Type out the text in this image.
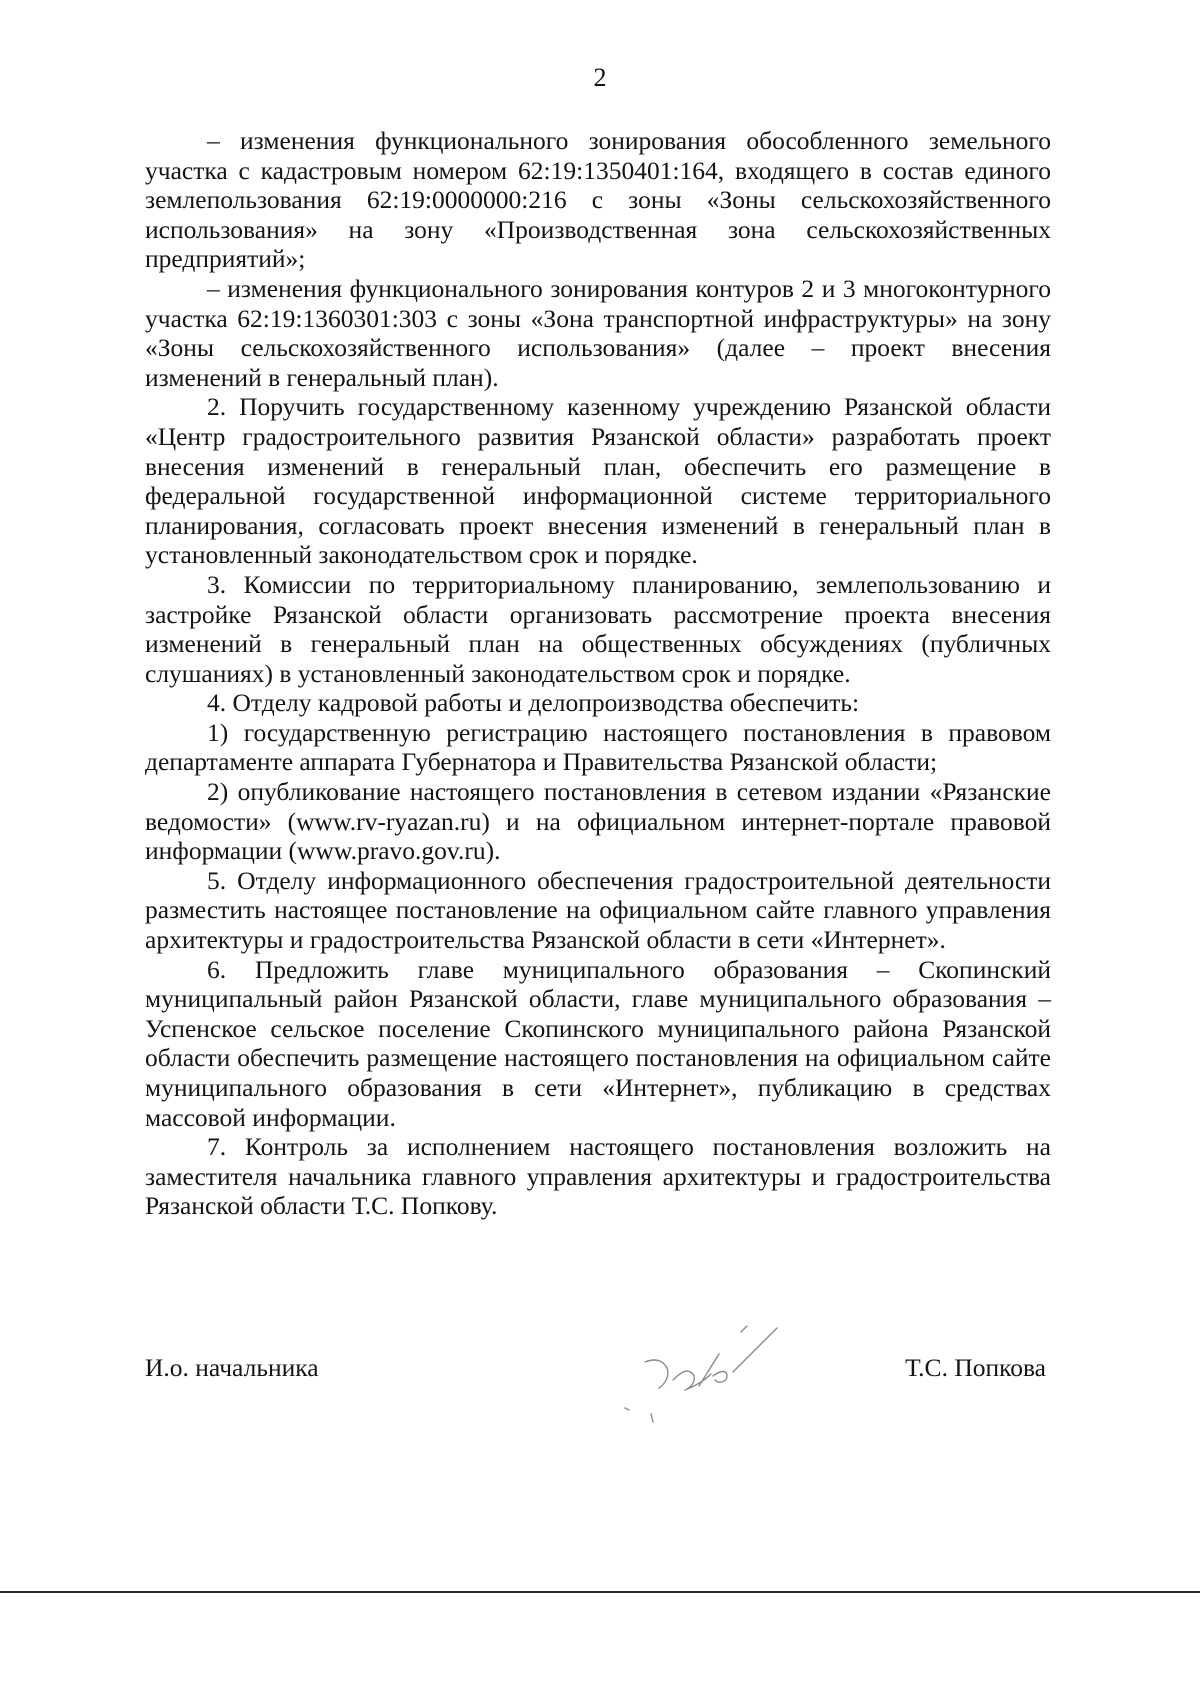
2

– изменения функционального зонирования обособленного земельного участка с кадастровым номером 62:19:1350401:164, входящего в состав единого землепользования 62:19:0000000:216 с зоны «Зоны сельскохозяйственного использования» на зону «Производственная зона сельскохозяйственных предприятий»;

– изменения функционального зонирования контуров 2 и 3 многоконтурного участка 62:19:1360301:303 с зоны «Зона транспортной инфраструктуры» на зону «Зоны сельскохозяйственного использования» (далее – проект внесения изменений в генеральный план).

2. Поручить государственному казенному учреждению Рязанской области «Центр градостроительного развития Рязанской области» разработать проект внесения изменений в генеральный план, обеспечить его размещение в федеральной государственной информационной системе территориального планирования, согласовать проект внесения изменений в генеральный план в установленный законодательством срок и порядке.

3. Комиссии по территориальному планированию, землепользованию и застройке Рязанской области организовать рассмотрение проекта внесения изменений в генеральный план на общественных обсуждениях (публичных слушаниях) в установленный законодательством срок и порядке.

4. Отделу кадровой работы и делопроизводства обеспечить:

1) государственную регистрацию настоящего постановления в правовом департаменте аппарата Губернатора и Правительства Рязанской области;

2) опубликование настоящего постановления в сетевом издании «Рязанские ведомости» (www.rv-ryazan.ru) и на официальном интернет-портале правовой информации (www.pravo.gov.ru).

5. Отделу информационного обеспечения градостроительной деятельности разместить настоящее постановление на официальном сайте главного управления архитектуры и градостроительства Рязанской области в сети «Интернет».

6. Предложить главе муниципального образования – Скопинский муниципальный район Рязанской области, главе муниципального образования – Успенское сельское поселение Скопинского муниципального района Рязанской области обеспечить размещение настоящего постановления на официальном сайте муниципального образования в сети «Интернет», публикацию в средствах массовой информации.

7. Контроль за исполнением настоящего постановления возложить на заместителя начальника главного управления архитектуры и градостроительства Рязанской области Т.С. Попкову.

И.о. начальника	Т.С. Попкова
